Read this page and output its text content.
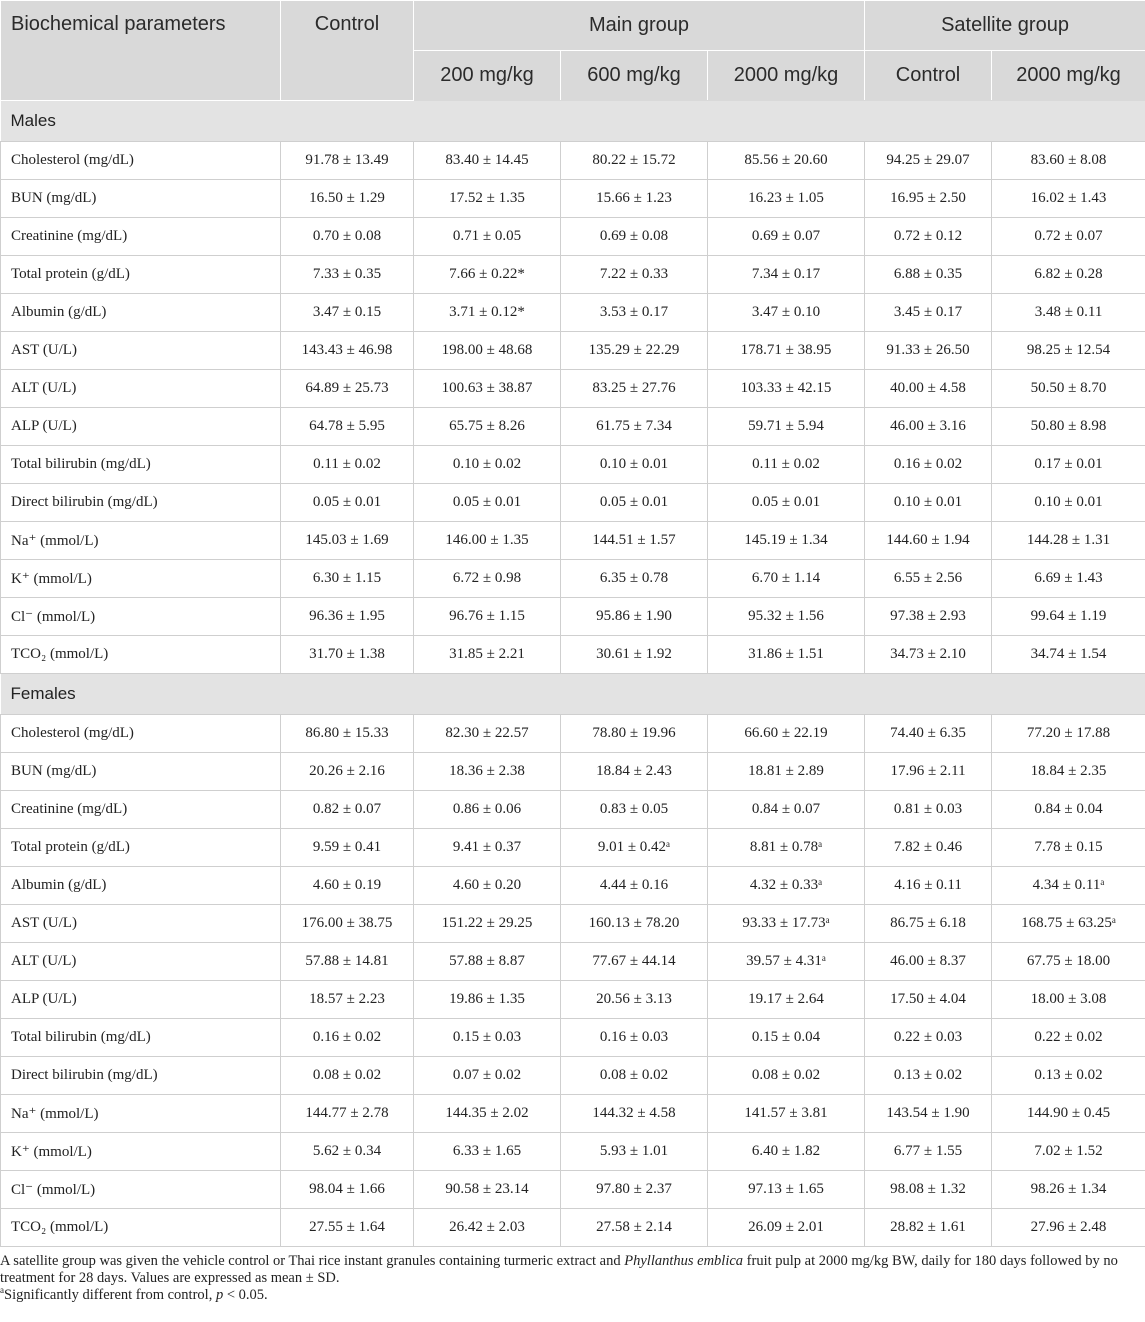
Biochemical parameters	Control	Main group			Satellite group	
		200 mg/kg	600 mg/kg	2000 mg/kg	Control	2000 mg/kg
Males						
Cholesterol (mg/dL)	91.78 ± 13.49	83.40 ± 14.45	80.22 ± 15.72	85.56 ± 20.60	94.25 ± 29.07	83.60 ± 8.08
BUN (mg/dL)	16.50 ± 1.29	17.52 ± 1.35	15.66 ± 1.23	16.23 ± 1.05	16.95 ± 2.50	16.02 ± 1.43
Creatinine (mg/dL)	0.70 ± 0.08	0.71 ± 0.05	0.69 ± 0.08	0.69 ± 0.07	0.72 ± 0.12	0.72 ± 0.07
Total protein (g/dL)	7.33 ± 0.35	7.66 ± 0.22*	7.22 ± 0.33	7.34 ± 0.17	6.88 ± 0.35	6.82 ± 0.28
Albumin (g/dL)	3.47 ± 0.15	3.71 ± 0.12*	3.53 ± 0.17	3.47 ± 0.10	3.45 ± 0.17	3.48 ± 0.11
AST (U/L)	143.43 ± 46.98	198.00 ± 48.68	135.29 ± 22.29	178.71 ± 38.95	91.33 ± 26.50	98.25 ± 12.54
ALT (U/L)	64.89 ± 25.73	100.63 ± 38.87	83.25 ± 27.76	103.33 ± 42.15	40.00 ± 4.58	50.50 ± 8.70
ALP (U/L)	64.78 ± 5.95	65.75 ± 8.26	61.75 ± 7.34	59.71 ± 5.94	46.00 ± 3.16	50.80 ± 8.98
Total bilirubin (mg/dL)	0.11 ± 0.02	0.10 ± 0.02	0.10 ± 0.01	0.11 ± 0.02	0.16 ± 0.02	0.17 ± 0.01
Direct bilirubin (mg/dL)	0.05 ± 0.01	0.05 ± 0.01	0.05 ± 0.01	0.05 ± 0.01	0.10 ± 0.01	0.10 ± 0.01
Na⁺ (mmol/L)	145.03 ± 1.69	146.00 ± 1.35	144.51 ± 1.57	145.19 ± 1.34	144.60 ± 1.94	144.28 ± 1.31
K⁺ (mmol/L)	6.30 ± 1.15	6.72 ± 0.98	6.35 ± 0.78	6.70 ± 1.14	6.55 ± 2.56	6.69 ± 1.43
Cl⁻ (mmol/L)	96.36 ± 1.95	96.76 ± 1.15	95.86 ± 1.90	95.32 ± 1.56	97.38 ± 2.93	99.64 ± 1.19
TCO₂ (mmol/L)	31.70 ± 1.38	31.85 ± 2.21	30.61 ± 1.92	31.86 ± 1.51	34.73 ± 2.10	34.74 ± 1.54
Females						
Cholesterol (mg/dL)	86.80 ± 15.33	82.30 ± 22.57	78.80 ± 19.96	66.60 ± 22.19	74.40 ± 6.35	77.20 ± 17.88
BUN (mg/dL)	20.26 ± 2.16	18.36 ± 2.38	18.84 ± 2.43	18.81 ± 2.89	17.96 ± 2.11	18.84 ± 2.35
Creatinine (mg/dL)	0.82 ± 0.07	0.86 ± 0.06	0.83 ± 0.05	0.84 ± 0.07	0.81 ± 0.03	0.84 ± 0.04
Total protein (g/dL)	9.59 ± 0.41	9.41 ± 0.37	9.01 ± 0.42ᵃ	8.81 ± 0.78ᵃ	7.82 ± 0.46	7.78 ± 0.15
Albumin (g/dL)	4.60 ± 0.19	4.60 ± 0.20	4.44 ± 0.16	4.32 ± 0.33ᵃ	4.16 ± 0.11	4.34 ± 0.11ᵃ
AST (U/L)	176.00 ± 38.75	151.22 ± 29.25	160.13 ± 78.20	93.33 ± 17.73ᵃ	86.75 ± 6.18	168.75 ± 63.25ᵃ
ALT (U/L)	57.88 ± 14.81	57.88 ± 8.87	77.67 ± 44.14	39.57 ± 4.31ᵃ	46.00 ± 8.37	67.75 ± 18.00
ALP (U/L)	18.57 ± 2.23	19.86 ± 1.35	20.56 ± 3.13	19.17 ± 2.64	17.50 ± 4.04	18.00 ± 3.08
Total bilirubin (mg/dL)	0.16 ± 0.02	0.15 ± 0.03	0.16 ± 0.03	0.15 ± 0.04	0.22 ± 0.03	0.22 ± 0.02
Direct bilirubin (mg/dL)	0.08 ± 0.02	0.07 ± 0.02	0.08 ± 0.02	0.08 ± 0.02	0.13 ± 0.02	0.13 ± 0.02
Na⁺ (mmol/L)	144.77 ± 2.78	144.35 ± 2.02	144.32 ± 4.58	141.57 ± 3.81	143.54 ± 1.90	144.90 ± 0.45
K⁺ (mmol/L)	5.62 ± 0.34	6.33 ± 1.65	5.93 ± 1.01	6.40 ± 1.82	6.77 ± 1.55	7.02 ± 1.52
Cl⁻ (mmol/L)	98.04 ± 1.66	90.58 ± 23.14	97.80 ± 2.37	97.13 ± 1.65	98.08 ± 1.32	98.26 ± 1.34
TCO₂ (mmol/L)	27.55 ± 1.64	26.42 ± 2.03	27.58 ± 2.14	26.09 ± 2.01	28.82 ± 1.61	27.96 ± 2.48

A satellite group was given the vehicle control or Thai rice instant granules containing turmeric extract and Phyllanthus emblica fruit pulp at 2000 mg/kg BW, daily for 180 days followed by no treatment for 28 days. Values are expressed as mean ± SD.

$^a$Significantly different from control, p < 0.05.
